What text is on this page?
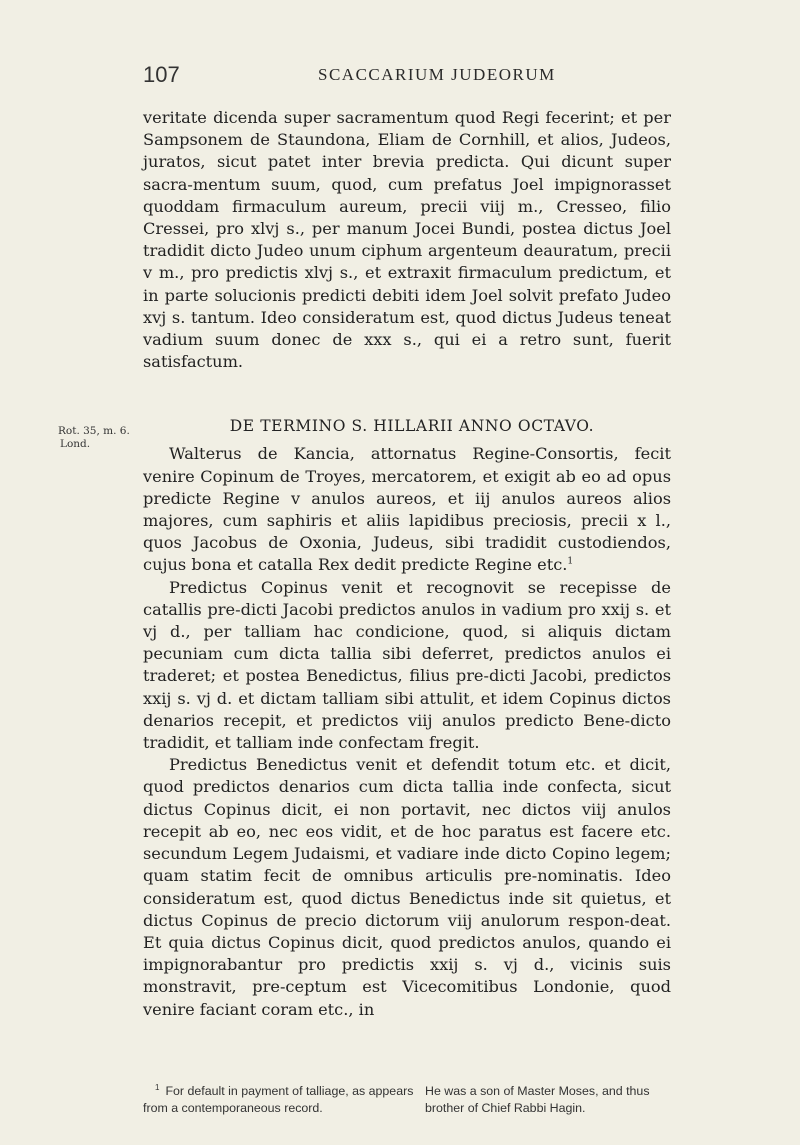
107	SCACCARIUM JUDEORUM
Rot. 35, m. 6.
Lond.

veritate dicenda super sacramentum quod Regi fecerint; et per Sampsonem de Staundona, Eliam de Cornhill, et alios, Judeos, juratos, sicut patet inter brevia predicta. Qui dicunt super sacra-mentum suum, quod, cum prefatus Joel impignorasset quoddam firmaculum aureum, precii viij m., Cresseo, filio Cressei, pro xlvj s., per manum Jocei Bundi, postea dictus Joel tradidit dicto Judeo unum ciphum argenteum deauratum, precii v m., pro predictis xlvj s., et extraxit firmaculum predictum, et in parte solucionis predicti debiti idem Joel solvit prefato Judeo xvj s. tantum. Ideo consideratum est, quod dictus Judeus teneat vadium suum donec de xxx s., qui ei a retro sunt, fuerit satisfactum.

DE TERMINO S. HILLARII ANNO OCTAVO.

Walterus de Kancia, attornatus Regine-Consortis, fecit venire Copinum de Troyes, mercatorem, et exigit ab eo ad opus predicte Regine v anulos aureos, et iij anulos aureos alios majores, cum saphiris et aliis lapidibus preciosis, precii x l., quos Jacobus de Oxonia, Judeus, sibi tradidit custodiendos, cujus bona et catalla Rex dedit predicte Regine etc.$^1$

Predictus Copinus venit et recognovit se recepisse de catallis pre-dicti Jacobi predictos anulos in vadium pro xxij s. et vj d., per talliam hac condicione, quod, si aliquis dictam pecuniam cum dicta tallia sibi deferret, predictos anulos ei traderet; et postea Benedictus, filius pre-dicti Jacobi, predictos xxij s. vj d. et dictam talliam sibi attulit, et idem Copinus dictos denarios recepit, et predictos viij anulos predicto Bene-dicto tradidit, et talliam inde confectam fregit.

Predictus Benedictus venit et defendit totum etc. et dicit, quod predictos denarios cum dicta tallia inde confecta, sicut dictus Copinus dicit, ei non portavit, nec dictos viij anulos recepit ab eo, nec eos vidit, et de hoc paratus est facere etc. secundum Legem Judaismi, et vadiare inde dicto Copino legem; quam statim fecit de omnibus articulis pre-nominatis. Ideo consideratum est, quod dictus Benedictus inde sit quietus, et dictus Copinus de precio dictorum viij anulorum respon-deat. Et quia dictus Copinus dicit, quod predictos anulos, quando ei impignorabantur pro predictis xxij s. vj d., vicinis suis monstravit, pre-ceptum est Vicecomitibus Londonie, quod venire faciant coram etc., in

$^1$ For default in payment of talliage, as appears from a contemporaneous record.He was a son of Master Moses, and thus brother of Chief Rabbi Hagin.
